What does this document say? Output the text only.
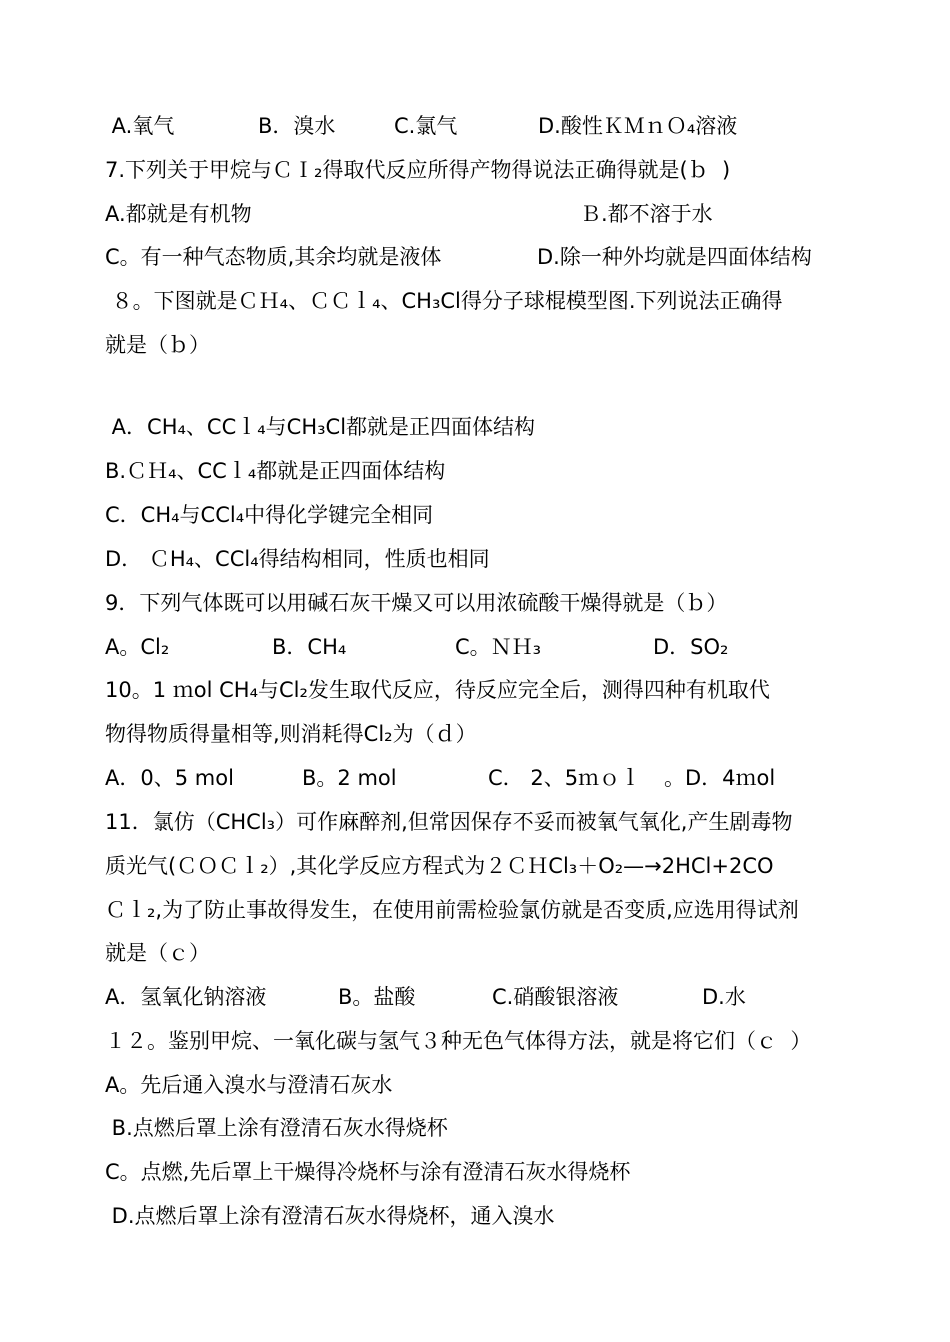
A.氧气	B．溴水	C.氯气	D.酸性ＫＭｎＯ₄溶液
7.下列关于甲烷与ＣＩ₂得取代反应所得产物得说法正确得就是(ｂ  )
A.都就是有机物	Ｂ.都不溶于水
C。有一种气态物质,其余均就是液体	D.除一种外均就是四面体结构
８。下图就是ＣＨ₄、ＣＣｌ₄、CH₃Cl得分子球棍模型图.下列说法正确得
就是（ｂ）
A．CH₄、CCｌ₄与CH₃Cl都就是正四面体结构
B.ＣＨ₄、CCｌ₄都就是正四面体结构
C．CH₄与CCl₄中得化学键完全相同
D． ＣH₄、CCl₄得结构相同，性质也相同
9．下列气体既可以用碱石灰干燥又可以用浓硫酸干燥得就是（ｂ）
A。Cl₂	B．CH₄	C。ＮＨ₃	D．SO₂
10。1 ｍol CH₄与Cl₂发生取代反应，待反应完全后，测得四种有机取代
物得物质得量相等,则消耗得Cl₂为（ｄ）
A．0、5 mol	B。2 mol	C． 2、5ｍｏｌ 。D．4ｍol
11．氯仿（CHCl₃）可作麻醉剂,但常因保存不妥而被氧气氧化,产生剧毒物
质光气(ＣＯＣｌ₂）,其化学反应方程式为２ＣＨCl₃＋O₂—→2HCl+2CO
Ｃｌ₂,为了防止事故得发生，在使用前需检验氯仿就是否变质,应选用得试剂
就是（ｃ）
A．氢氧化钠溶液	B。盐酸	C.硝酸银溶液	D.水
１２。鉴别甲烷、一氧化碳与氢气３种无色气体得方法，就是将它们（ｃ  ）
A。先后通入溴水与澄清石灰水
B.点燃后罩上涂有澄清石灰水得烧杯
C。点燃,先后罩上干燥得冷烧杯与涂有澄清石灰水得烧杯
D.点燃后罩上涂有澄清石灰水得烧杯，通入溴水
